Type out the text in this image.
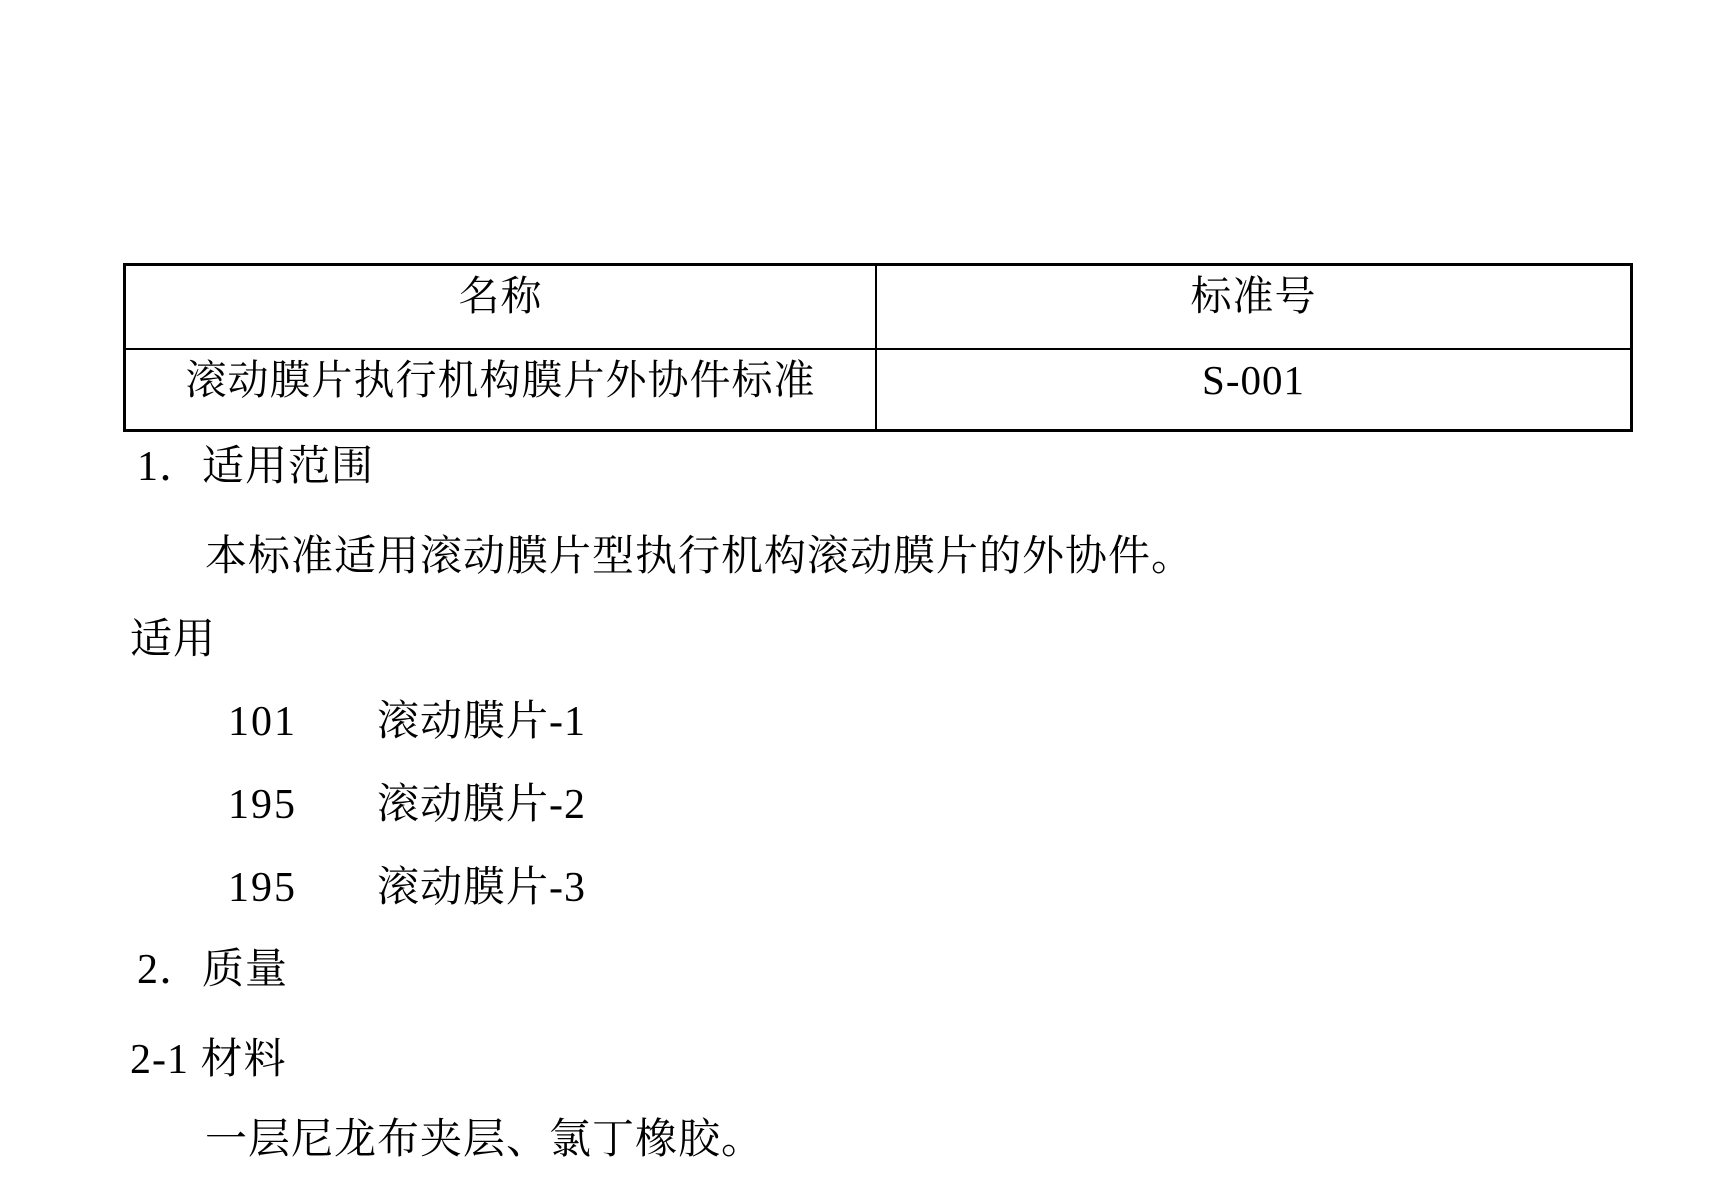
名称	标准号
滚动膜片执行机构膜片外协件标准	S-001
1．适用范围
本标准适用滚动膜片型执行机构滚动膜片的外协件。
适用
101 滚动膜片-1
195 滚动膜片-2
195 滚动膜片-3
2．质量
2-1 材料
一层尼龙布夹层、氯丁橡胶。
